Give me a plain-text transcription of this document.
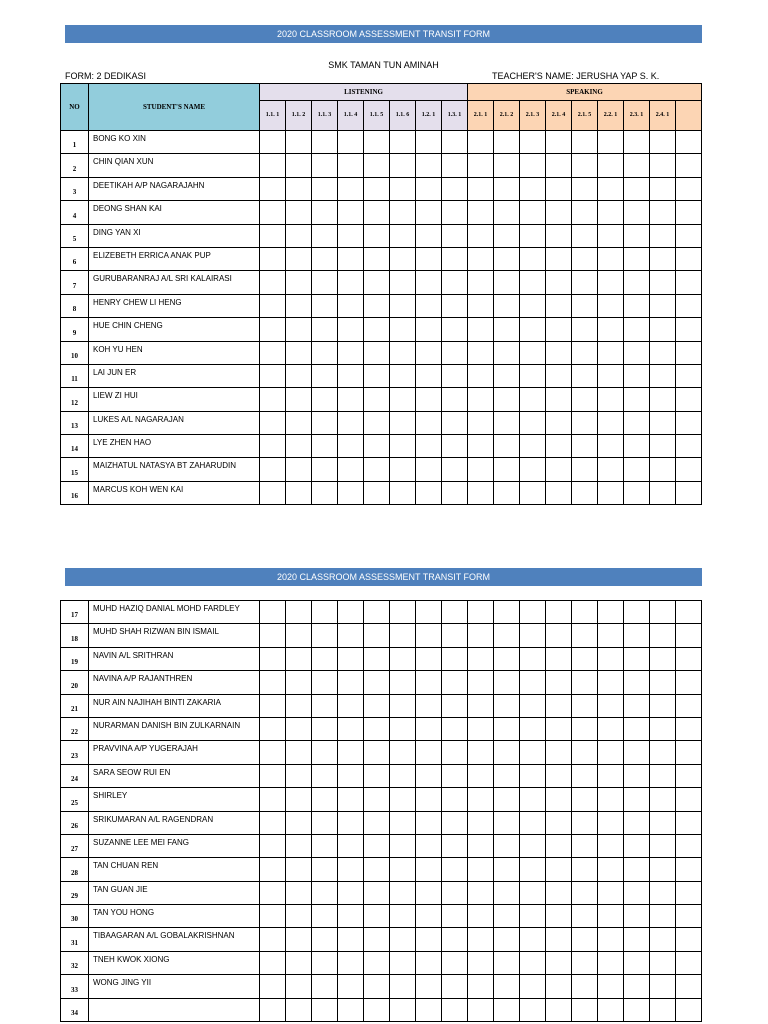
2020 CLASSROOM ASSESSMENT TRANSIT FORM
SMK TAMAN TUN AMINAH
FORM: 2 DEDIKASI	TEACHER'S NAME: JERUSHA YAP S. K.
NO	STUDENT'S NAME	LISTENING								SPEAKING								
		1.1. 1	1.1. 2	1.1. 3	1.1. 4	1.1. 5	1.1. 6	1.2. 1	1.3. 1	2.1. 1	2.1. 2	2.1. 3	2.1. 4	2.1. 5	2.2. 1	2.3. 1	2.4. 1	
1	BONG KO XIN																	
2	CHIN QIAN XUN																	
3	DEETIKAH A/P NAGARAJAHN																	
4	DEONG SHAN KAI																	
5	DING YAN XI																	
6	ELIZEBETH ERRICA ANAK PUP																	
7	GURUBARANRAJ A/L SRI KALAIRASI																	
8	HENRY CHEW LI HENG																	
9	HUE CHIN CHENG																	
10	KOH YU HEN																	
11	LAI JUN ER																	
12	LIEW ZI HUI																	
13	LUKES A/L NAGARAJAN																	
14	LYE ZHEN HAO																	
15	MAIZHATUL NATASYA BT ZAHARUDIN																	
16	MARCUS KOH WEN KAI																	
2020 CLASSROOM ASSESSMENT TRANSIT FORM
17	MUHD HAZIQ DANIAL MOHD FARDLEY																	
18	MUHD SHAH RIZWAN BIN ISMAIL																	
19	NAVIN A/L SRITHRAN																	
20	NAVINA A/P RAJANTHREN																	
21	NUR AIN NAJIHAH BINTI ZAKARIA																	
22	NURARMAN DANISH BIN ZULKARNAIN																	
23	PRAVVINA A/P YUGERAJAH																	
24	SARA SEOW RUI EN																	
25	SHIRLEY																	
26	SRIKUMARAN A/L RAGENDRAN																	
27	SUZANNE LEE MEI FANG																	
28	TAN CHUAN REN																	
29	TAN GUAN JIE																	
30	TAN YOU HONG																	
31	TIBAAGARAN A/L GOBALAKRISHNAN																	
32	TNEH KWOK XIONG																	
33	WONG JING YII																	
34																		
